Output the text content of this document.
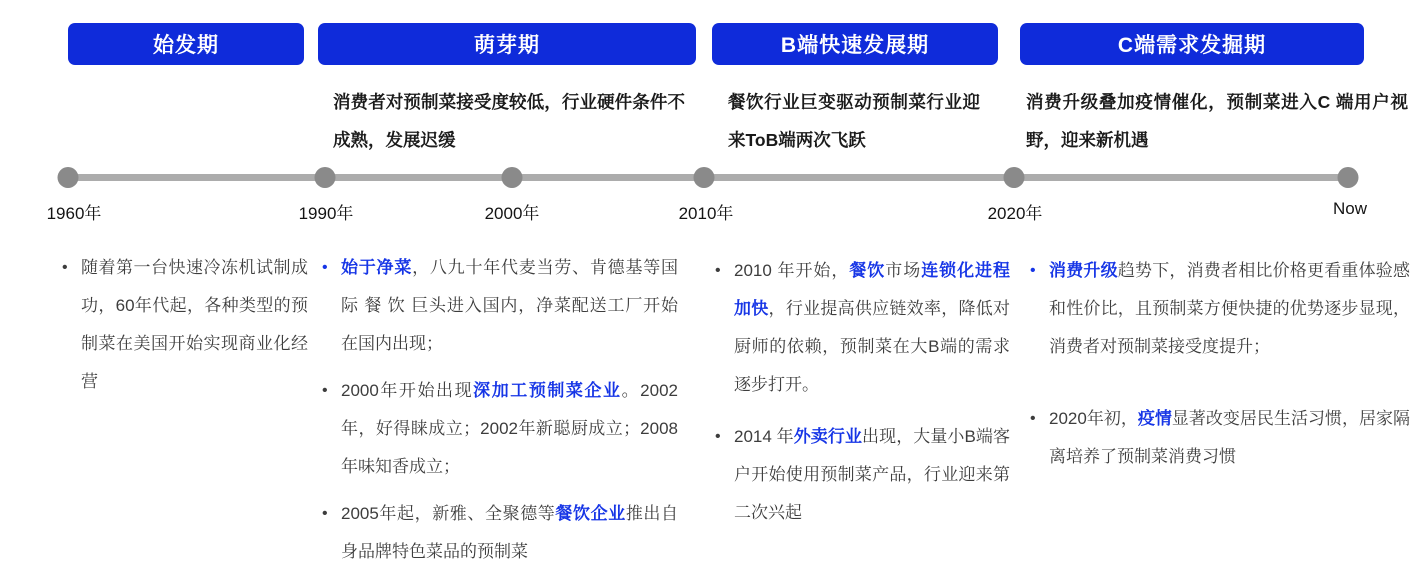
始发期	萌芽期	B端快速发展期	C端需求发掘期
消费者对预制菜接受度较低，行业硬件条件不成熟，发展迟缓
餐饮行业巨变驱动预制菜行业迎来ToB端两次飞跃
消费升级叠加疫情催化，预制菜进入C 端用户视野，迎来新机遇
1960年	1990年	2000年	2010年	2020年	Now
• 随着第一台快速冷冻机试制成功，60年代起，各种类型的预制菜在美国开始实现商业化经营
• 始于净菜，八九十年代麦当劳、肯德基等国际 餐 饮 巨头进入国内，净菜配送工厂开始在国内出现；
• 2000年开始出现深加工预制菜企业。2002年，好得睐成立；2002年新聪厨成立；2008年味知香成立；
• 2005年起，新雅、全聚德等餐饮企业推出自身品牌特色菜品的预制菜
• 2010 年开始，餐饮市场连锁化进程加快，行业提高供应链效率，降低对厨师的依赖，预制菜在大B端的需求逐步打开。
• 2014 年外卖行业出现，大量小B端客户开始使用预制菜产品，行业迎来第二次兴起
• 消费升级趋势下，消费者相比价格更看重体验感和性价比，且预制菜方便快捷的优势逐步显现，消费者对预制菜接受度提升；
• 2020年初，疫情显著改变居民生活习惯，居家隔离培养了预制菜消费习惯
